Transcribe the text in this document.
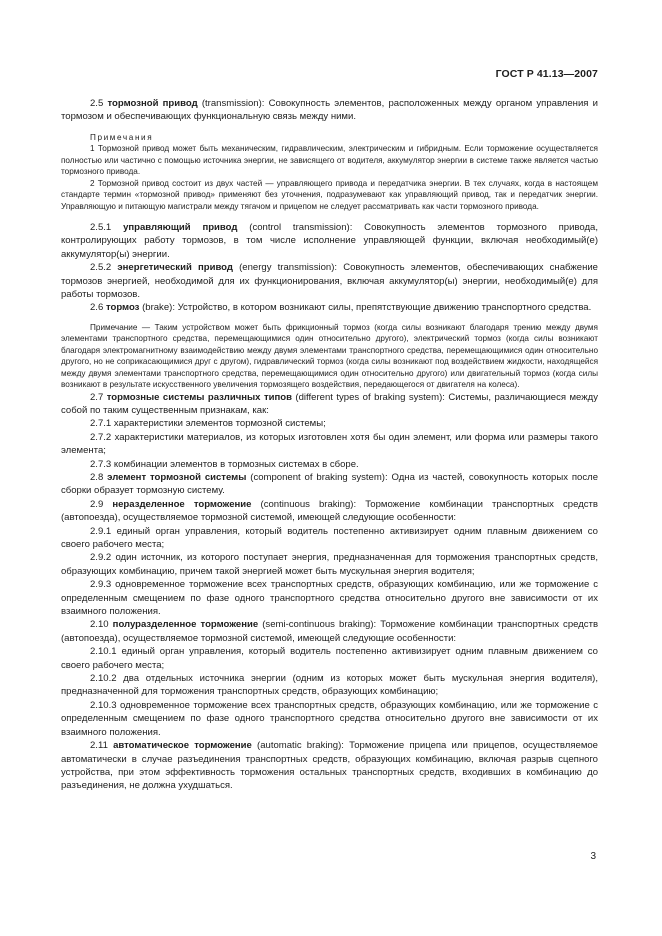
ГОСТ Р 41.13—2007

2.5 тормозной привод (transmission): Совокупность элементов, расположенных между органом управления и тормозом и обеспечивающих функциональную связь между ними.

Примечания

1 Тормозной привод может быть механическим, гидравлическим, электрическим и гибридным. Если торможение осуществляется полностью или частично с помощью источника энергии, не зависящего от водителя, аккумулятор энергии в системе также является частью тормозного привода.

2 Тормозной привод состоит из двух частей — управляющего привода и передатчика энергии. В тех случаях, когда в настоящем стандарте термин «тормозной привод» применяют без уточнения, подразумевают как управляющий привод, так и передатчик энергии. Управляющую и питающую магистрали между тягачом и прицепом не следует рассматривать как части тормозного привода.

2.5.1 управляющий привод (control transmission): Совокупность элементов тормозного привода, контролирующих работу тормозов, в том числе исполнение управляющей функции, включая необходимый(е) аккумулятор(ы) энергии.

2.5.2 энергетический привод (energy transmission): Совокупность элементов, обеспечивающих снабжение тормозов энергией, необходимой для их функционирования, включая аккумулятор(ы) энергии, необходимый(е) для работы тормозов.

2.6 тормоз (brake): Устройство, в котором возникают силы, препятствующие движению транспортного средства.

Примечание — Таким устройством может быть фрикционный тормоз (когда силы возникают благодаря трению между двумя элементами транспортного средства, перемещающимися один относительно другого), электрический тормоз (когда силы возникают благодаря электромагнитному взаимодействию между двумя элементами транспортного средства, перемещающимися один относительно другого, но не соприкасающимися друг с другом), гидравлический тормоз (когда силы возникают под воздействием жидкости, находящейся между двумя элементами транспортного средства, перемещающимися один относительно другого) или двигательный тормоз (когда силы возникают в результате искусственного увеличения тормозящего воздействия, передающегося от двигателя на колеса).

2.7 тормозные системы различных типов (different types of braking system): Системы, различающиеся между собой по таким существенным признакам, как:

2.7.1 характеристики элементов тормозной системы;

2.7.2 характеристики материалов, из которых изготовлен хотя бы один элемент, или форма или размеры такого элемента;

2.7.3 комбинации элементов в тормозных системах в сборе.

2.8 элемент тормозной системы (component of braking system): Одна из частей, совокупность которых после сборки образует тормозную систему.

2.9 неразделенное торможение (continuous braking): Торможение комбинации транспортных средств (автопоезда), осуществляемое тормозной системой, имеющей следующие особенности:

2.9.1 единый орган управления, который водитель постепенно активизирует одним плавным движением со своего рабочего места;

2.9.2 один источник, из которого поступает энергия, предназначенная для торможения транспортных средств, образующих комбинацию, причем такой энергией может быть мускульная энергия водителя;

2.9.3 одновременное торможение всех транспортных средств, образующих комбинацию, или же торможение с определенным смещением по фазе одного транспортного средства относительно другого вне зависимости от их взаимного положения.

2.10 полуразделенное торможение (semi-continuous braking): Торможение комбинации транспортных средств (автопоезда), осуществляемое тормозной системой, имеющей следующие особенности:

2.10.1 единый орган управления, который водитель постепенно активизирует одним плавным движением со своего рабочего места;

2.10.2 два отдельных источника энергии (одним из которых может быть мускульная энергия водителя), предназначенной для торможения транспортных средств, образующих комбинацию;

2.10.3 одновременное торможение всех транспортных средств, образующих комбинацию, или же торможение с определенным смещением по фазе одного транспортного средства относительно другого вне зависимости от их взаимного положения.

2.11 автоматическое торможение (automatic braking): Торможение прицепа или прицепов, осуществляемое автоматически в случае разъединения транспортных средств, образующих комбинацию, включая разрыв сцепного устройства, при этом эффективность торможения остальных транспортных средств, входивших в комбинацию до разъединения, не должна ухудшаться.

3
